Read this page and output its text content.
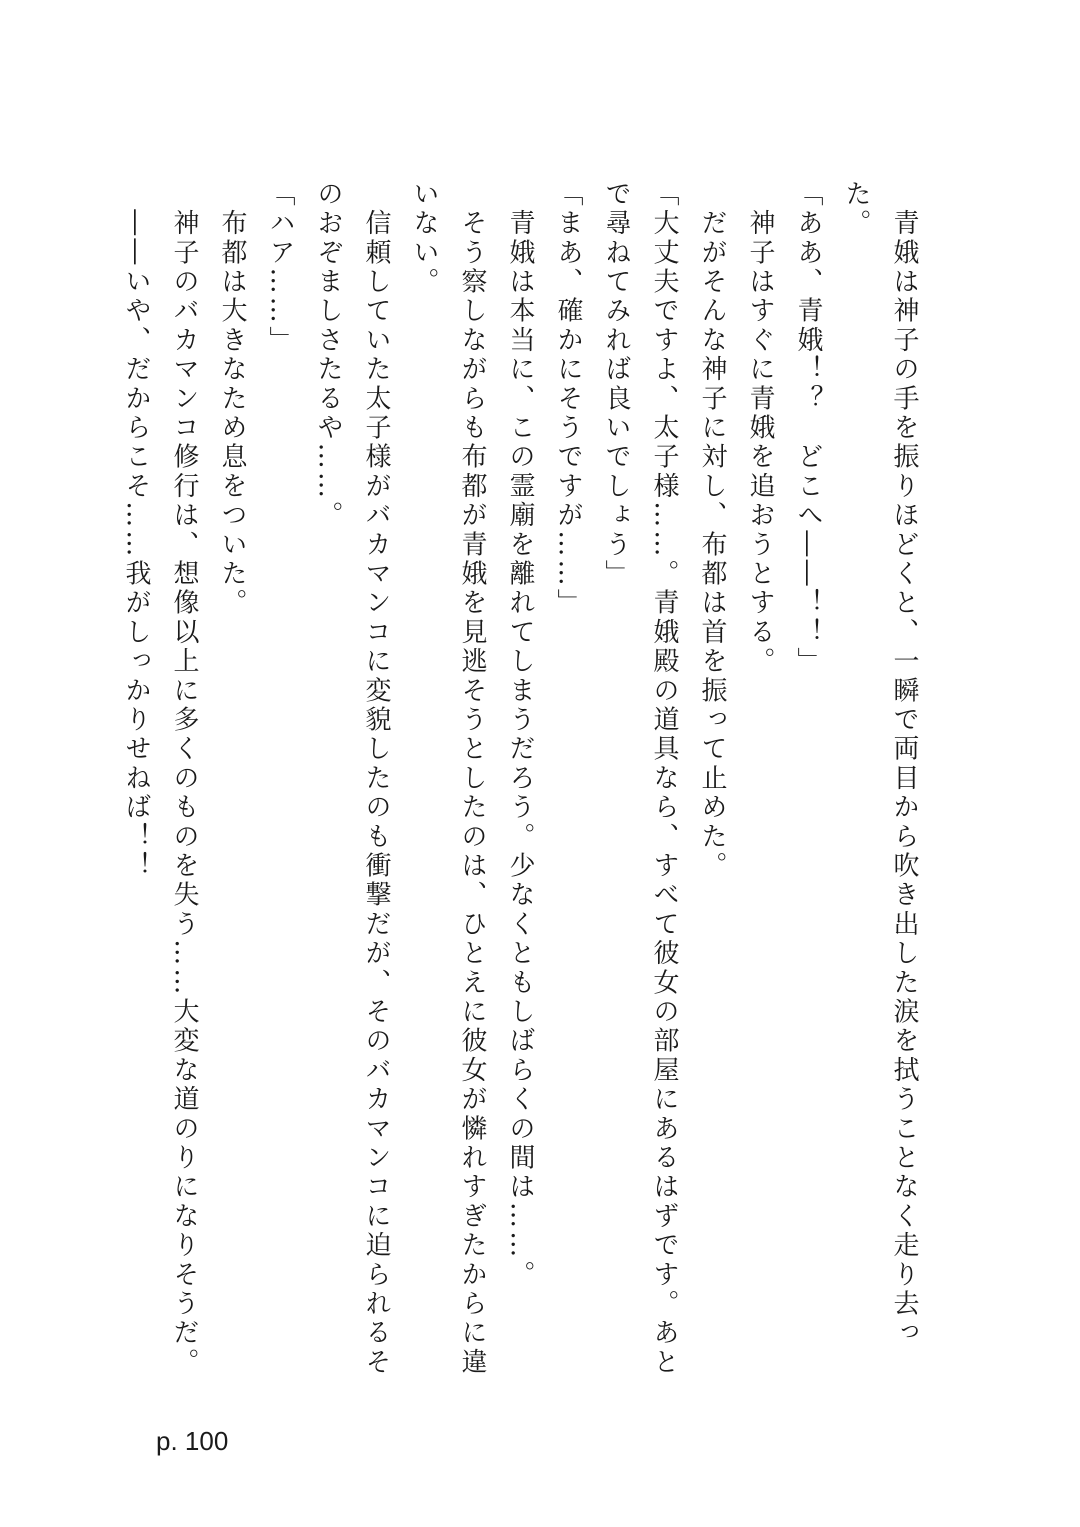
　青娥は神子の手を振りほどくと、一瞬で両目から吹き出した涙を拭うことなく走り去った。

「ああ、青娥！？　どこへ――！！」

　神子はすぐに青娥を追おうとする。

　だがそんな神子に対し、布都は首を振って止めた。

「大丈夫ですよ、太子様……。青娥殿の道具なら、すべて彼女の部屋にあるはずです。あとで尋ねてみれば良いでしょう」

「まあ、確かにそうですが……」

　青娥は本当に、この霊廟を離れてしまうだろう。少なくともしばらくの間は……。

　そう察しながらも布都が青娥を見逃そうとしたのは、ひとえに彼女が憐れすぎたからに違いない。

　信頼していた太子様がバカマンコに変貌したのも衝撃だが、そのバカマンコに迫られるそのおぞましさたるや……。

「ハア……」

　布都は大きなため息をついた。

　神子のバカマンコ修行は、想像以上に多くのものを失う……大変な道のりになりそうだ。

　――いや、だからこそ……我がしっかりせねば！！

p. 100
